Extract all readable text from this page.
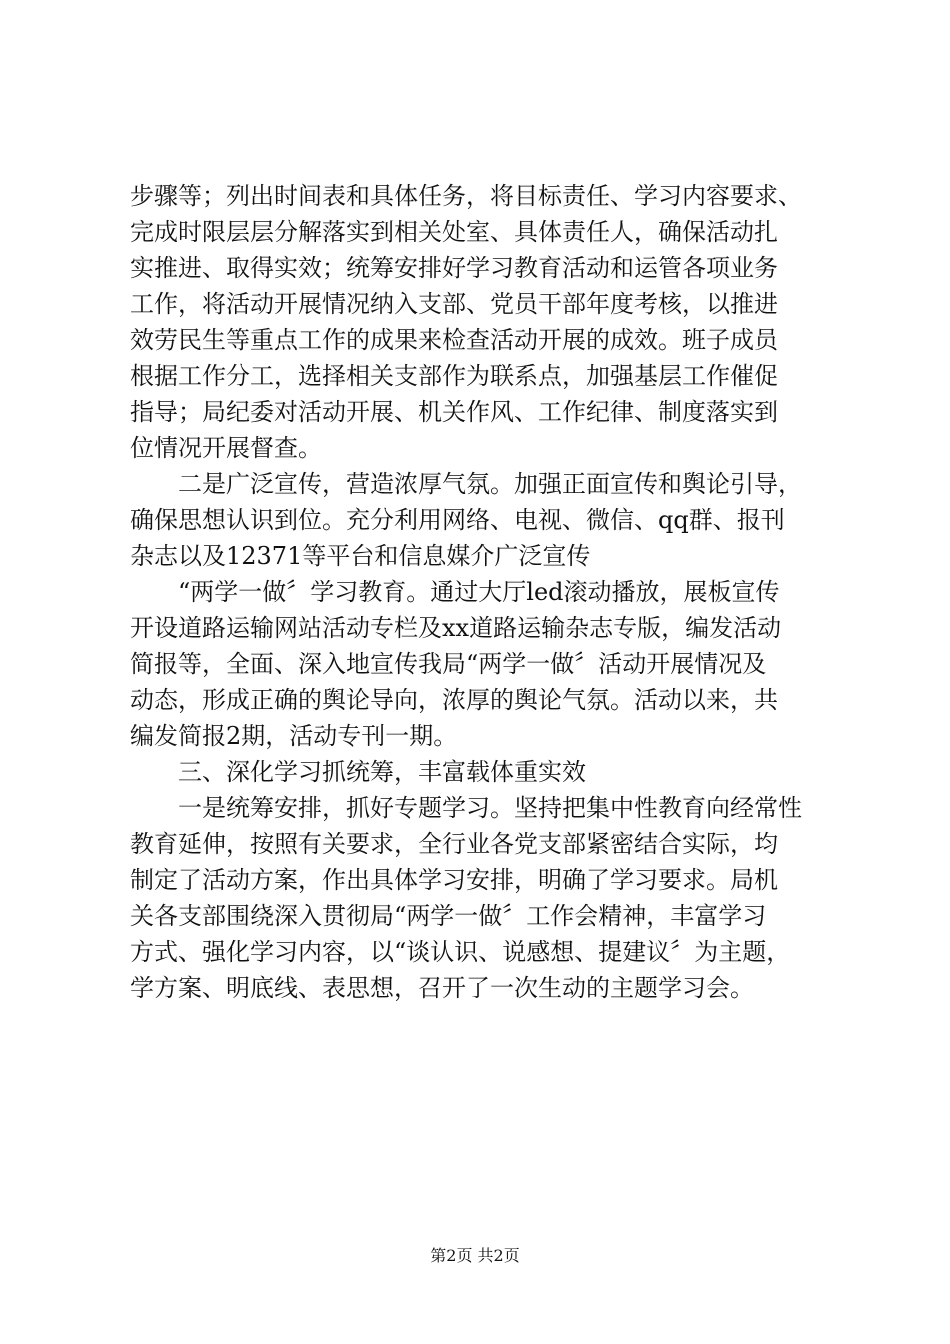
步骤等；列出时间表和具体任务，将目标责任、学习内容要求、
完成时限层层分解落实到相关处室、具体责任人，确保活动扎
实推进、取得实效；统筹安排好学习教育活动和运管各项业务
工作，将活动开展情况纳入支部、党员干部年度考核，以推进
效劳民生等重点工作的成果来检查活动开展的成效。班子成员
根据工作分工，选择相关支部作为联系点，加强基层工作催促
指导；局纪委对活动开展、机关作风、工作纪律、制度落实到
位情况开展督查。
二是广泛宣传，营造浓厚气氛。加强正面宣传和舆论引导，
确保思想认识到位。充分利用网络、电视、微信、qq群、报刊
杂志以及12371等平台和信息媒介广泛宣传
“两学一做〞学习教育。通过大厅led滚动播放，展板宣传
开设道路运输网站活动专栏及xx道路运输杂志专版，编发活动
简报等，全面、深入地宣传我局“两学一做〞活动开展情况及
动态，形成正确的舆论导向，浓厚的舆论气氛。活动以来，共
编发简报2期，活动专刊一期。
三、深化学习抓统筹，丰富载体重实效
一是统筹安排，抓好专题学习。坚持把集中性教育向经常性
教育延伸，按照有关要求，全行业各党支部紧密结合实际，均
制定了活动方案，作出具体学习安排，明确了学习要求。局机
关各支部围绕深入贯彻局“两学一做〞工作会精神，丰富学习
方式、强化学习内容，以“谈认识、说感想、提建议〞为主题，
学方案、明底线、表思想，召开了一次生动的主题学习会。
第2页 共2页
